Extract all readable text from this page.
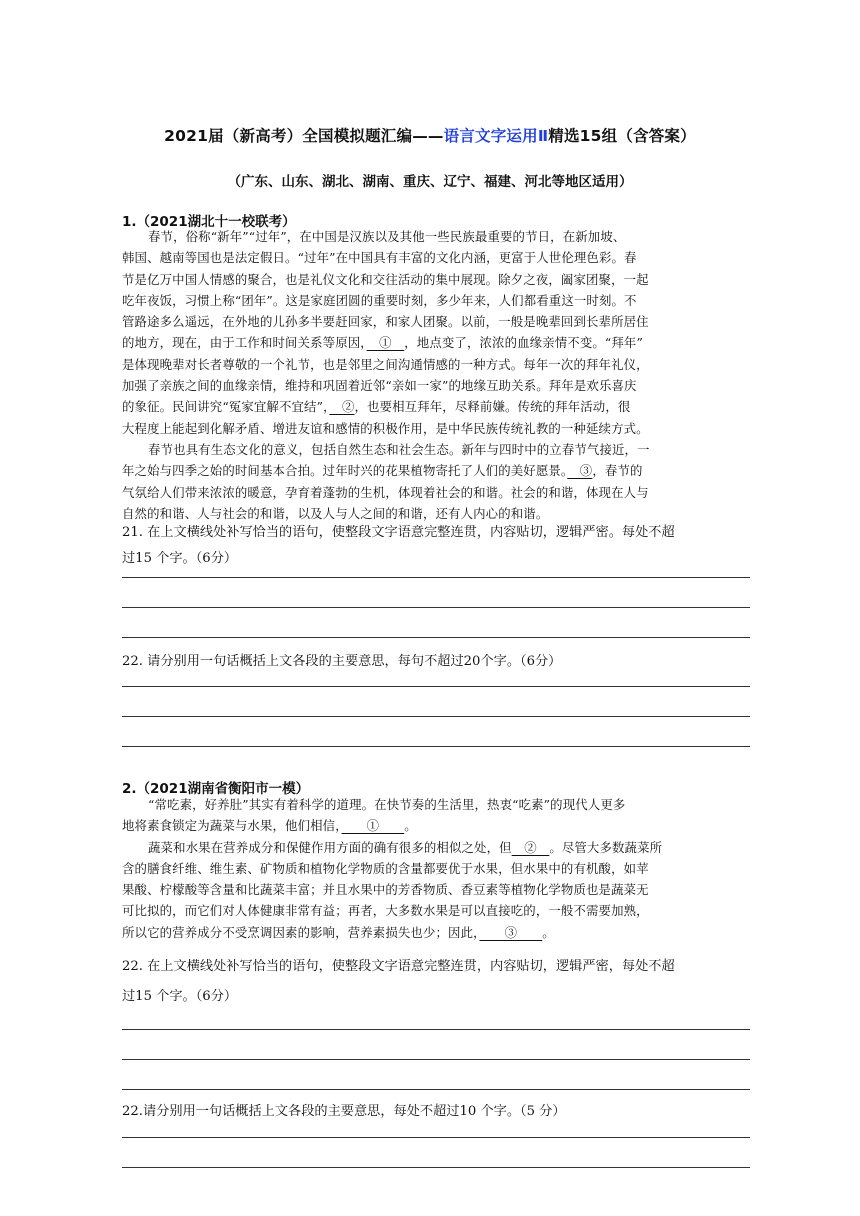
2021届（新高考）全国模拟题汇编——语言文字运用Ⅱ精选15组（含答案）
（广东、山东、湖北、湖南、重庆、辽宁、福建、河北等地区适用）
1.（2021湖北十一校联考）
春节，俗称“新年”“过年”，在中国是汉族以及其他一些民族最重要的节日，在新加坡、
韩国、越南等国也是法定假日。“过年”在中国具有丰富的文化内涵，更富于人世伦理色彩。春
节是亿万中国人情感的聚合，也是礼仪文化和交往活动的集中展现。除夕之夜，阖家团聚，一起
吃年夜饭，习惯上称“团年”。这是家庭团圆的重要时刻，多少年来，人们都看重这一时刻。不
管路途多么遥远，在外地的儿孙多半要赶回家，和家人团聚。以前，一般是晚辈回到长辈所居住
的地方，现在，由于工作和时间关系等原因，　①　，地点变了，浓浓的血缘亲情不变。“拜年”
是体现晚辈对长者尊敬的一个礼节，也是邻里之间沟通情感的一种方式。每年一次的拜年礼仪，
加强了亲族之间的血缘亲情，维持和巩固着近邻“亲如一家”的地缘互助关系。拜年是欢乐喜庆
的象征。民间讲究“冤家宜解不宜结”，　②，也要相互拜年，尽释前嫌。传统的拜年活动，很
大程度上能起到化解矛盾、增进友谊和感情的积极作用，是中华民族传统礼教的一种延续方式。
春节也具有生态文化的意义，包括自然生态和社会生态。新年与四时中的立春节气接近，一
年之始与四季之始的时间基本合拍。过年时兴的花果植物寄托了人们的美好愿景。　③，春节的
气氛给人们带来浓浓的暖意，孕育着蓬勃的生机，体现着社会的和谐。社会的和谐，体现在人与
自然的和谐、人与社会的和谐，以及人与人之间的和谐，还有人内心的和谐。
21. 在上文横线处补写恰当的语句，使整段文字语意完整连贯，内容贴切，逻辑严密。每处不超
过15 个字。（6分）
22. 请分别用一句话概括上文各段的主要意思，每句不超过20个字。（6分）
2.（2021湖南省衡阳市一模）
“常吃素，好养肚”其实有着科学的道理。在快节奏的生活里，热衷“吃素”的现代人更多
地将素食锁定为蔬菜与水果，他们相信，　　①　　。
蔬菜和水果在营养成分和保健作用方面的确有很多的相似之处，但　②　。尽管大多数蔬菜所
含的膳食纤维、维生素、矿物质和植物化学物质的含量都要优于水果，但水果中的有机酸，如苹
果酸、柠檬酸等含量和比蔬菜丰富；并且水果中的芳香物质、香豆素等植物化学物质也是蔬菜无
可比拟的，而它们对人体健康非常有益；再者，大多数水果是可以直接吃的，一般不需要加熟，
所以它的营养成分不受烹调因素的影响，营养素损失也少；因此，　　③　　。
22. 在上文横线处补写恰当的语句，使整段文字语意完整连贯，内容贴切，逻辑严密，每处不超
过15 个字。（6分）
22.请分别用一句话概括上文各段的主要意思，每处不超过10 个字。（5 分）
